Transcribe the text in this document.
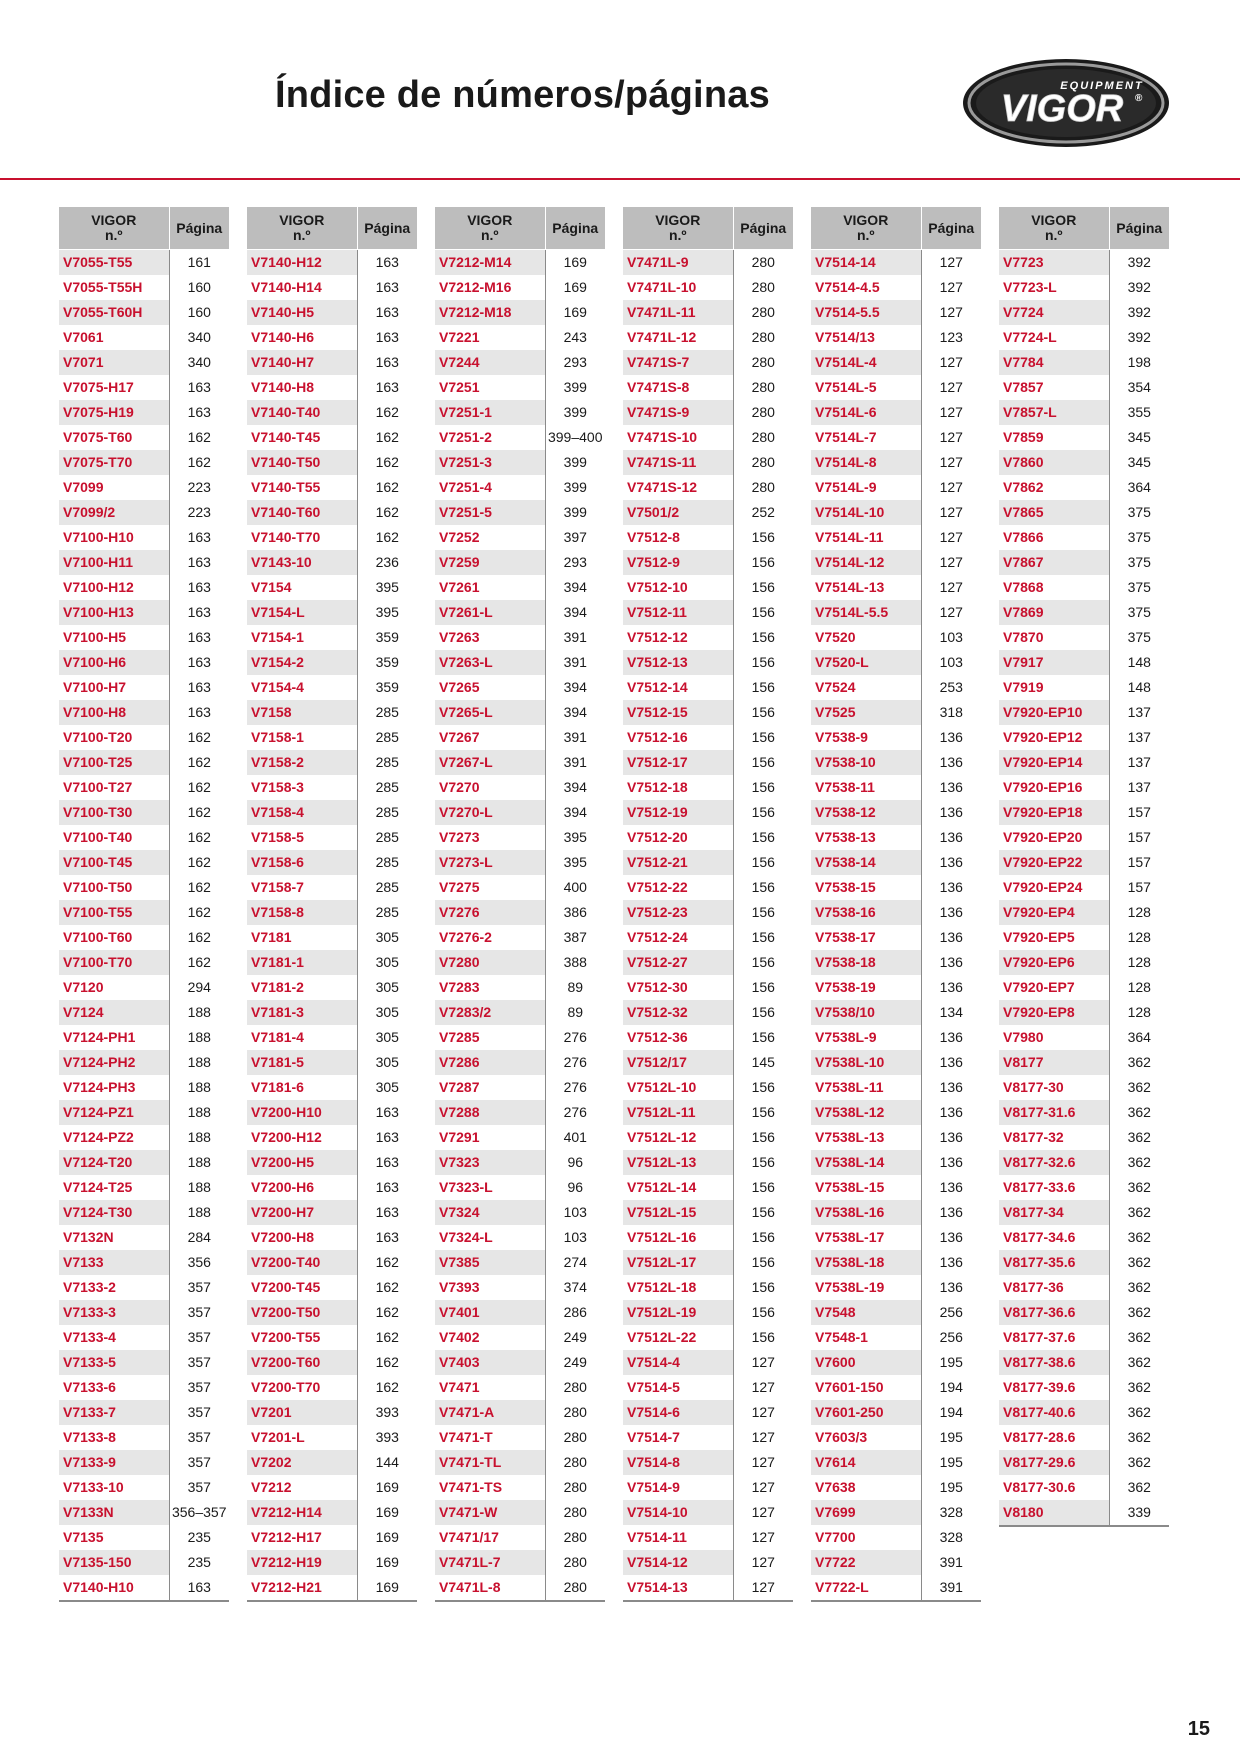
Índice de números/páginas	EQUIPMENT
VIGOR ®
VIGOR
n.º	Página
V7055-T55	161
V7055-T55H	160
V7055-T60H	160
V7061	340
V7071	340
V7075-H17	163
V7075-H19	163
V7075-T60	162
V7075-T70	162
V7099	223
V7099/2	223
V7100-H10	163
V7100-H11	163
V7100-H12	163
V7100-H13	163
V7100-H5	163
V7100-H6	163
V7100-H7	163
V7100-H8	163
V7100-T20	162
V7100-T25	162
V7100-T27	162
V7100-T30	162
V7100-T40	162
V7100-T45	162
V7100-T50	162
V7100-T55	162
V7100-T60	162
V7100-T70	162
V7120	294
V7124	188
V7124-PH1	188
V7124-PH2	188
V7124-PH3	188
V7124-PZ1	188
V7124-PZ2	188
V7124-T20	188
V7124-T25	188
V7124-T30	188
V7132N	284
V7133	356
V7133-2	357
V7133-3	357
V7133-4	357
V7133-5	357
V7133-6	357
V7133-7	357
V7133-8	357
V7133-9	357
V7133-10	357
V7133N	356–357
V7135	235
V7135-150	235
V7140-H10	163
VIGOR
n.º	Página
V7140-H12	163
V7140-H14	163
V7140-H5	163
V7140-H6	163
V7140-H7	163
V7140-H8	163
V7140-T40	162
V7140-T45	162
V7140-T50	162
V7140-T55	162
V7140-T60	162
V7140-T70	162
V7143-10	236
V7154	395
V7154-L	395
V7154-1	359
V7154-2	359
V7154-4	359
V7158	285
V7158-1	285
V7158-2	285
V7158-3	285
V7158-4	285
V7158-5	285
V7158-6	285
V7158-7	285
V7158-8	285
V7181	305
V7181-1	305
V7181-2	305
V7181-3	305
V7181-4	305
V7181-5	305
V7181-6	305
V7200-H10	163
V7200-H12	163
V7200-H5	163
V7200-H6	163
V7200-H7	163
V7200-H8	163
V7200-T40	162
V7200-T45	162
V7200-T50	162
V7200-T55	162
V7200-T60	162
V7200-T70	162
V7201	393
V7201-L	393
V7202	144
V7212	169
V7212-H14	169
V7212-H17	169
V7212-H19	169
V7212-H21	169
VIGOR
n.º	Página
V7212-M14	169
V7212-M16	169
V7212-M18	169
V7221	243
V7244	293
V7251	399
V7251-1	399
V7251-2	399–400
V7251-3	399
V7251-4	399
V7251-5	399
V7252	397
V7259	293
V7261	394
V7261-L	394
V7263	391
V7263-L	391
V7265	394
V7265-L	394
V7267	391
V7267-L	391
V7270	394
V7270-L	394
V7273	395
V7273-L	395
V7275	400
V7276	386
V7276-2	387
V7280	388
V7283	89
V7283/2	89
V7285	276
V7286	276
V7287	276
V7288	276
V7291	401
V7323	96
V7323-L	96
V7324	103
V7324-L	103
V7385	274
V7393	374
V7401	286
V7402	249
V7403	249
V7471	280
V7471-A	280
V7471-T	280
V7471-TL	280
V7471-TS	280
V7471-W	280
V7471/17	280
V7471L-7	280
V7471L-8	280
VIGOR
n.º	Página
V7471L-9	280
V7471L-10	280
V7471L-11	280
V7471L-12	280
V7471S-7	280
V7471S-8	280
V7471S-9	280
V7471S-10	280
V7471S-11	280
V7471S-12	280
V7501/2	252
V7512-8	156
V7512-9	156
V7512-10	156
V7512-11	156
V7512-12	156
V7512-13	156
V7512-14	156
V7512-15	156
V7512-16	156
V7512-17	156
V7512-18	156
V7512-19	156
V7512-20	156
V7512-21	156
V7512-22	156
V7512-23	156
V7512-24	156
V7512-27	156
V7512-30	156
V7512-32	156
V7512-36	156
V7512/17	145
V7512L-10	156
V7512L-11	156
V7512L-12	156
V7512L-13	156
V7512L-14	156
V7512L-15	156
V7512L-16	156
V7512L-17	156
V7512L-18	156
V7512L-19	156
V7512L-22	156
V7514-4	127
V7514-5	127
V7514-6	127
V7514-7	127
V7514-8	127
V7514-9	127
V7514-10	127
V7514-11	127
V7514-12	127
V7514-13	127
VIGOR
n.º	Página
V7514-14	127
V7514-4.5	127
V7514-5.5	127
V7514/13	123
V7514L-4	127
V7514L-5	127
V7514L-6	127
V7514L-7	127
V7514L-8	127
V7514L-9	127
V7514L-10	127
V7514L-11	127
V7514L-12	127
V7514L-13	127
V7514L-5.5	127
V7520	103
V7520-L	103
V7524	253
V7525	318
V7538-9	136
V7538-10	136
V7538-11	136
V7538-12	136
V7538-13	136
V7538-14	136
V7538-15	136
V7538-16	136
V7538-17	136
V7538-18	136
V7538-19	136
V7538/10	134
V7538L-9	136
V7538L-10	136
V7538L-11	136
V7538L-12	136
V7538L-13	136
V7538L-14	136
V7538L-15	136
V7538L-16	136
V7538L-17	136
V7538L-18	136
V7538L-19	136
V7548	256
V7548-1	256
V7600	195
V7601-150	194
V7601-250	194
V7603/3	195
V7614	195
V7638	195
V7699	328
V7700	328
V7722	391
V7722-L	391
VIGOR
n.º	Página
V7723	392
V7723-L	392
V7724	392
V7724-L	392
V7784	198
V7857	354
V7857-L	355
V7859	345
V7860	345
V7862	364
V7865	375
V7866	375
V7867	375
V7868	375
V7869	375
V7870	375
V7917	148
V7919	148
V7920-EP10	137
V7920-EP12	137
V7920-EP14	137
V7920-EP16	137
V7920-EP18	157
V7920-EP20	157
V7920-EP22	157
V7920-EP24	157
V7920-EP4	128
V7920-EP5	128
V7920-EP6	128
V7920-EP7	128
V7920-EP8	128
V7980	364
V8177	362
V8177-30	362
V8177-31.6	362
V8177-32	362
V8177-32.6	362
V8177-33.6	362
V8177-34	362
V8177-34.6	362
V8177-35.6	362
V8177-36	362
V8177-36.6	362
V8177-37.6	362
V8177-38.6	362
V8177-39.6	362
V8177-40.6	362
V8177-28.6	362
V8177-29.6	362
V8177-30.6	362
V8180	339
15
